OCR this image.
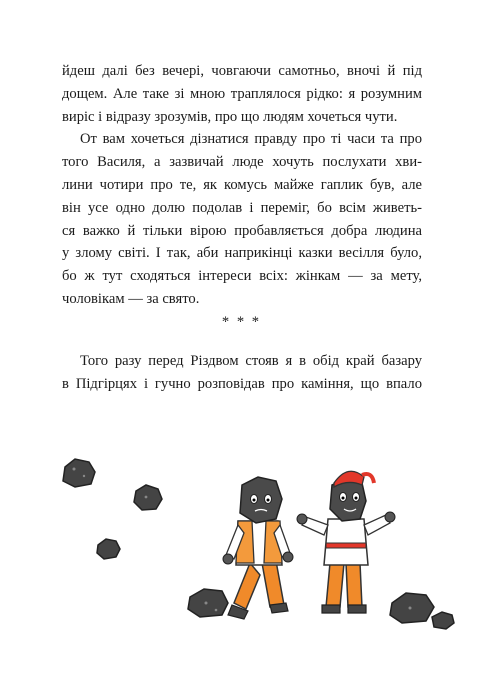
йдеш далі без вечері, човгаючи самотньо, вночі й під
дощем. Але таке зі мною траплялося рідко: я розумним
вирiс і відразу зрозумів, про що людям хочеться чути.
От вам хочеться дізнатися правду про ті часи та про
того Василя, а зазвичай люде хочуть послухати хви-
лини чотири про те, як комусь майже гаплик був, але
він усе одно долю подолав і переміг, бо всім живеть-
ся важко й тільки вірою пробавляється добра людина
у злому світі. І так, аби наприкінці казки весілля було,
бо ж тут сходяться інтереси всіх: жінкам — за мету,
чоловікам — за свято.
* * *
Того разу перед Різдвом стояв я в обід край базару
в Підгірцях і гучно розповідав про каміння, що впало
